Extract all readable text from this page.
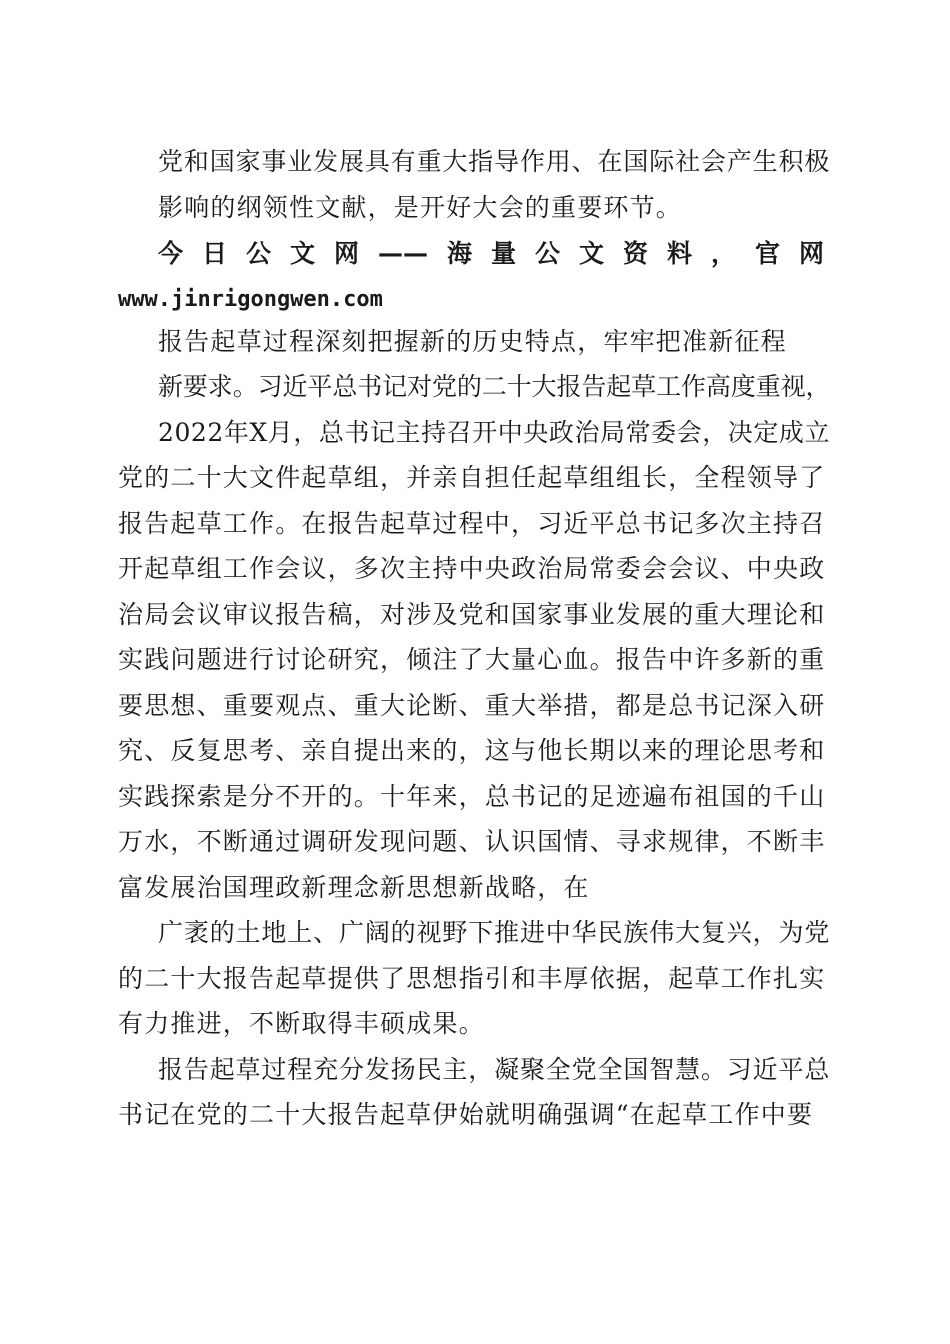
党和国家事业发展具有重大指导作用、在国际社会产生积极
影响的纲领性文献，是开好大会的重要环节。
今日公文网——海量公文资料，官网
www.jinrigongwen.com
报告起草过程深刻把握新的历史特点，牢牢把准新征程
新要求。习近平总书记对党的二十大报告起草工作高度重视，
2022年X月，总书记主持召开中央政治局常委会，决定成立
党的二十大文件起草组，并亲自担任起草组组长，全程领导了
报告起草工作。在报告起草过程中，习近平总书记多次主持召
开起草组工作会议，多次主持中央政治局常委会会议、中央政
治局会议审议报告稿，对涉及党和国家事业发展的重大理论和
实践问题进行讨论研究，倾注了大量心血。报告中许多新的重
要思想、重要观点、重大论断、重大举措，都是总书记深入研
究、反复思考、亲自提出来的，这与他长期以来的理论思考和
实践探索是分不开的。十年来，总书记的足迹遍布祖国的千山
万水，不断通过调研发现问题、认识国情、寻求规律，不断丰
富发展治国理政新理念新思想新战略，在
广袤的土地上、广阔的视野下推进中华民族伟大复兴，为党
的二十大报告起草提供了思想指引和丰厚依据，起草工作扎实
有力推进，不断取得丰硕成果。
报告起草过程充分发扬民主，凝聚全党全国智慧。习近平总
书记在党的二十大报告起草伊始就明确强调“在起草工作中要
